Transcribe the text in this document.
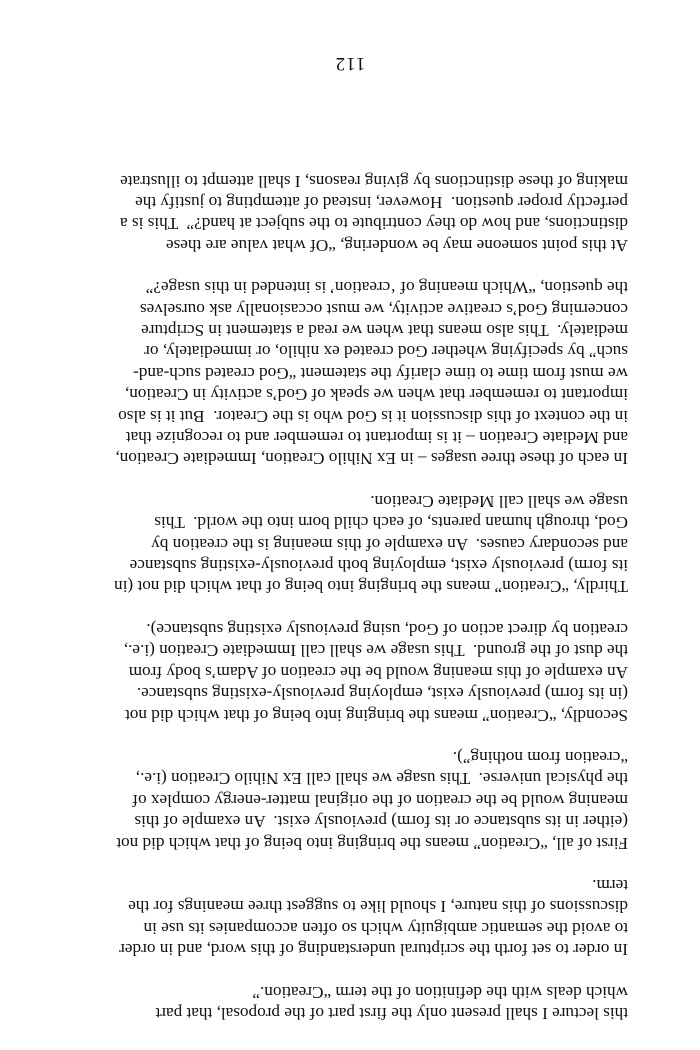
this lecture I shall present only the first part of the proposal, that part
which deals with the definition of the term “Creation.”

In order to set forth the scriptural understanding of this word, and in order
to avoid the semantic ambiguity which so often accompanies its use in
discussions of this nature, I should like to suggest three meanings for the
term.

First of all, “Creation” means the bringing into being of that which did not
(either in its substance or its form) previously exist.  An example of this
meaning would be the creation of the original matter-energy complex of
the physical universe.  This usage we shall call Ex Nihilo Creation (i.e.,
“creation from nothing”).

Secondly, “Creation” means the bringing into being of that which did not
(in its form) previously exist, employing previously-existing substance.
An example of this meaning would be the creation of Adam’s body from
the dust of the ground.  This usage we shall call Immediate Creation (i.e.,
creation by direct action of God, using previously existing substance).

Thirdly, “Creation” means the bringing into being of that which did not (in
its form) previously exist, employing both previously-existing substance
and secondary causes.  An example of this meaning is the creation by
God, through human parents, of each child born into the world.  This
usage we shall call Mediate Creation.

In each of these three usages – in Ex Nihilo Creation, Immediate Creation,
and Mediate Creation – it is important to remember and to recognize that
in the context of this discussion it is God who is the Creator.  But it is also
important to remember that when we speak of God’s activity in Creation,
we must from time to time clarify the statement “God created such-and-
such” by specifying whether God created ex nihilo, or immediately, or
mediately.  This also means that when we read a statement in Scripture
concerning God’s creative activity, we must occasionally ask ourselves
the question, “Which meaning of ‘creation’ is intended in this usage?”

At this point someone may be wondering, “Of what value are these
distinctions, and how do they contribute to the subject at hand?”  This is a
perfectly proper question.  However, instead of attempting to justify the
making of these distinctions by giving reasons, I shall attempt to illustrate

112
